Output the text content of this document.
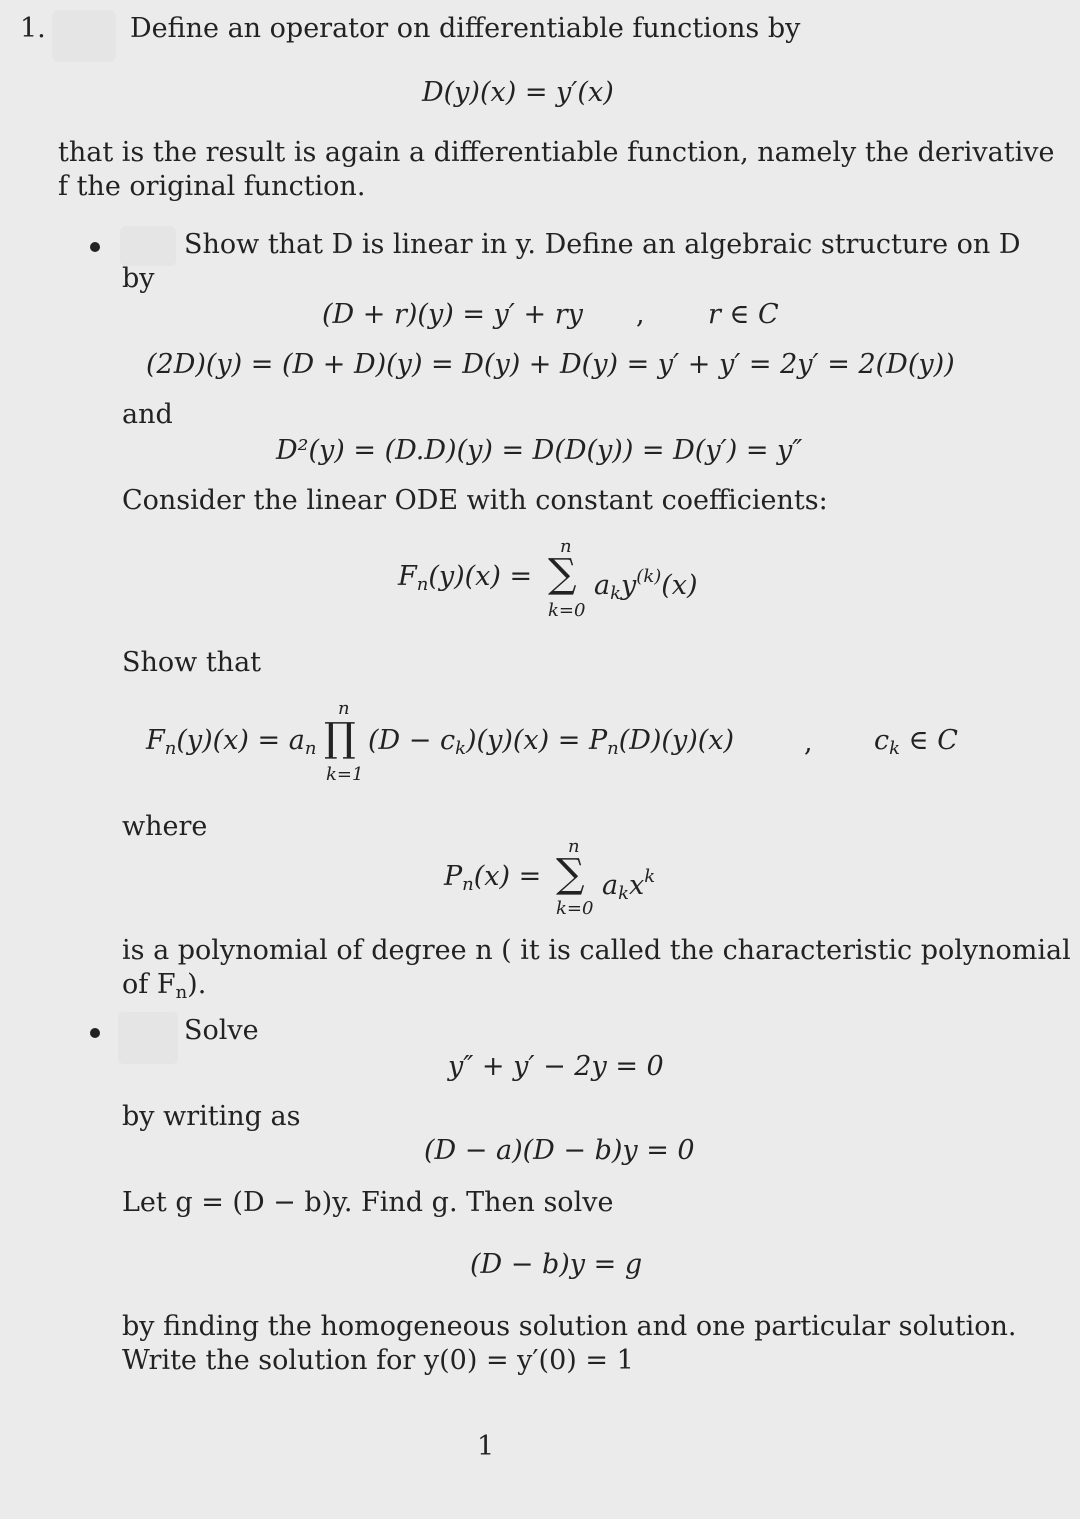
1.	Define an operator on differentiable functions by
D(y)(x) = y′(x)
that is the result is again a differentiable function, namely the derivative
f the original function.
Show that D is linear in y. Define an algebraic structure on D
by
(D + r)(y) = y′ + ry , r ∈ C
(2D)(y) = (D + D)(y) = D(y) + D(y) = y′ + y′ = 2y′ = 2(D(y))
and
D²(y) = (D.D)(y) = D(D(y)) = D(y′) = y″
Consider the linear ODE with constant coefficients:
$F_n(y)(x)$ =
n
∑
k=0
$a_ky^{(k)}(x)$
Show that
$F_n(y)(x) = a_n$
n
∏
k=1
$(D - c_k)(y)(x) = P_n(D)(y)(x)$	, $c_k$ ∈ C
where
$P_n(x)$ =
n
∑
k=0
$a_kx^k$
is a polynomial of degree n ( it is called the characteristic polynomial
of $F_n$).
Solve
y″ + y′ − 2y = 0
by writing as
(D − a)(D − b)y = 0
Let g = (D − b)y. Find g. Then solve
(D − b)y = g
by finding the homogeneous solution and one particular solution.
Write the solution for y(0) = y′(0) = 1
1
